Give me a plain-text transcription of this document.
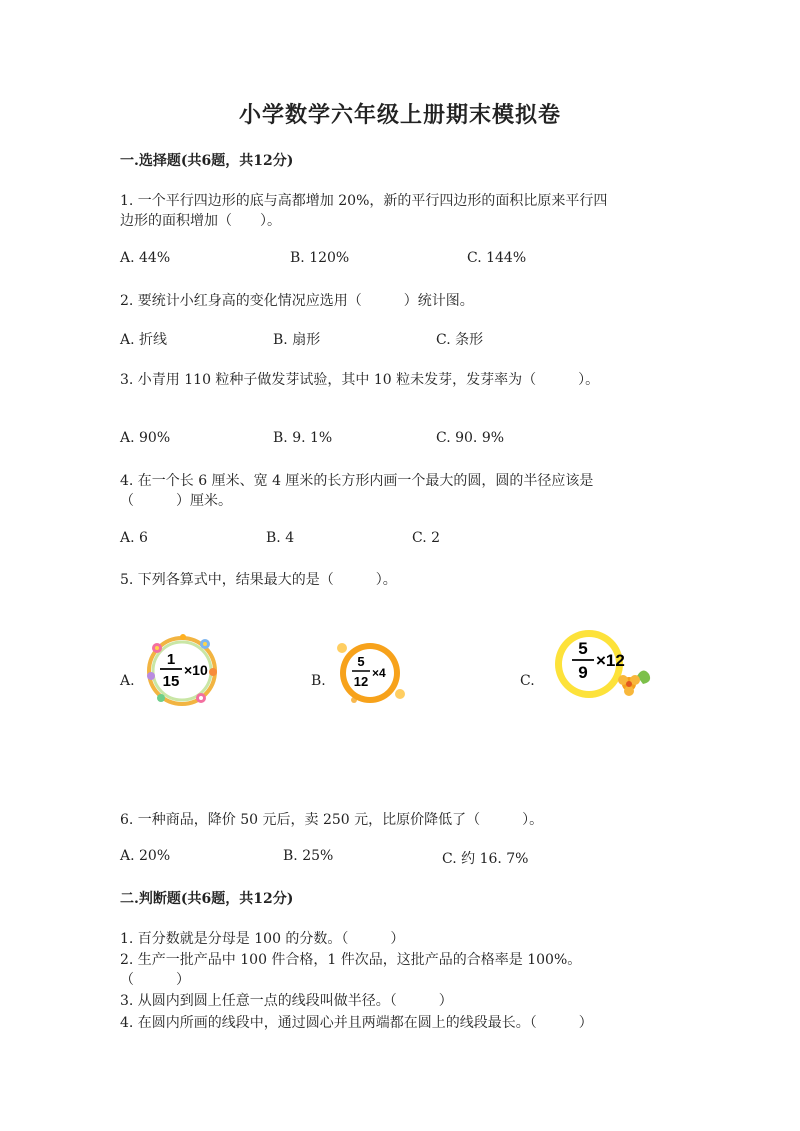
小学数学六年级上册期末模拟卷
一.选择题(共6题，共12分)
1. 一个平行四边形的底与高都增加 20%，新的平行四边形的面积比原来平行四
边形的面积增加（　　）。
A. 44%	B. 120%	C. 144%
2. 要统计小红身高的变化情况应选用（　　　）统计图。
A. 折线	B. 扇形	C. 条形
3. 小青用 110 粒种子做发芽试验，其中 10 粒未发芽，发芽率为（　　　）。
A. 90%	B. 9. 1%	C. 90. 9%
4. 在一个长 6 厘米、宽 4 厘米的长方形内画一个最大的圆，圆的半径应该是
（　　　）厘米。
A. 6	B. 4	C. 2
5. 下列各算式中，结果最大的是（　　　）。
A.	B.	C.
1
15
×10
5
12
×4
5
9
×12
6. 一种商品，降价 50 元后，卖 250 元，比原价降低了（　　　）。
A. 20%	B. 25%	C. 约 16. 7%
二.判断题(共6题，共12分)
1. 百分数就是分母是 100 的分数。（　　　）
2. 生产一批产品中 100 件合格，1 件次品，这批产品的合格率是 100%。
（　　　）
3. 从圆内到圆上任意一点的线段叫做半径。（　　　）
4. 在圆内所画的线段中，通过圆心并且两端都在圆上的线段最长。（　　　）
